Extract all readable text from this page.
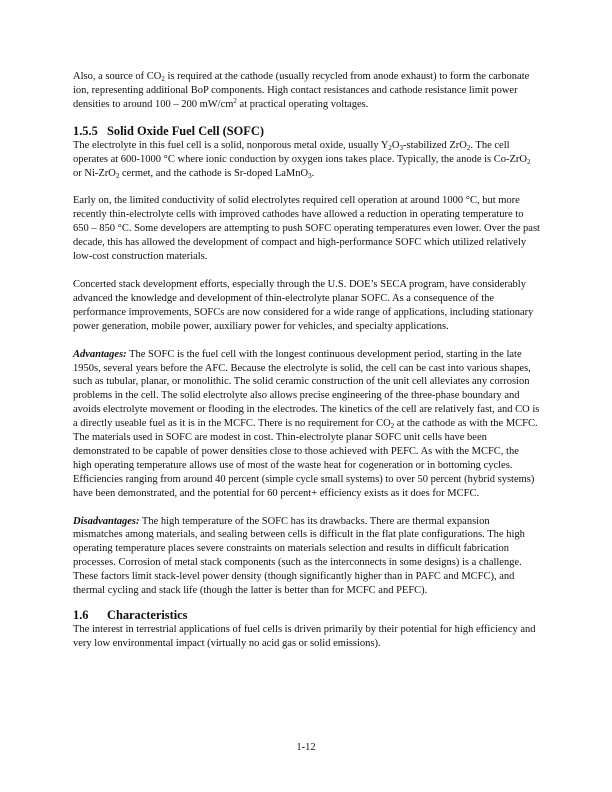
Also, a source of $CO_2$ is required at the cathode (usually recycled from anode exhaust) to form the carbonate ion, representing additional BoP components. High contact resistances and cathode resistance limit power densities to around 100 – 200 $mW/cm^2$ at practical operating voltages.

1.5.5 Solid Oxide Fuel Cell (SOFC)

The electrolyte in this fuel cell is a solid, nonporous metal oxide, usually $Y_2O_3$-stabilized ZrO$_2$. The cell operates at 600-1000 °C where ionic conduction by oxygen ions takes place. Typically, the anode is Co-ZrO$_2$ or Ni-ZrO$_2$ cermet, and the cathode is Sr-doped LaMnO$_3$.

Early on, the limited conductivity of solid electrolytes required cell operation at around 1000 °C, but more recently thin-electrolyte cells with improved cathodes have allowed a reduction in operating temperature to 650 – 850 °C. Some developers are attempting to push SOFC operating temperatures even lower. Over the past decade, this has allowed the development of compact and high-performance SOFC which utilized relatively low-cost construction materials.

Concerted stack development efforts, especially through the U.S. DOE’s SECA program, have considerably advanced the knowledge and development of thin-electrolyte planar SOFC. As a consequence of the performance improvements, SOFCs are now considered for a wide range of applications, including stationary power generation, mobile power, auxiliary power for vehicles, and specialty applications.

Advantages: The SOFC is the fuel cell with the longest continuous development period, starting in the late 1950s, several years before the AFC. Because the electrolyte is solid, the cell can be cast into various shapes, such as tubular, planar, or monolithic. The solid ceramic construction of the unit cell alleviates any corrosion problems in the cell. The solid electrolyte also allows precise engineering of the three-phase boundary and avoids electrolyte movement or flooding in the electrodes. The kinetics of the cell are relatively fast, and CO is a directly useable fuel as it is in the MCFC. There is no requirement for $CO_2$ at the cathode as with the MCFC. The materials used in SOFC are modest in cost. Thin-electrolyte planar SOFC unit cells have been demonstrated to be capable of power densities close to those achieved with PEFC. As with the MCFC, the high operating temperature allows use of most of the waste heat for cogeneration or in bottoming cycles. Efficiencies ranging from around 40 percent (simple cycle small systems) to over 50 percent (hybrid systems) have been demonstrated, and the potential for 60 percent+ efficiency exists as it does for MCFC.

Disadvantages: The high temperature of the SOFC has its drawbacks. There are thermal expansion mismatches among materials, and sealing between cells is difficult in the flat plate configurations. The high operating temperature places severe constraints on materials selection and results in difficult fabrication processes. Corrosion of metal stack components (such as the interconnects in some designs) is a challenge. These factors limit stack-level power density (though significantly higher than in PAFC and MCFC), and thermal cycling and stack life (though the latter is better than for MCFC and PEFC).

1.6 Characteristics

The interest in terrestrial applications of fuel cells is driven primarily by their potential for high efficiency and very low environmental impact (virtually no acid gas or solid emissions).

1-12
